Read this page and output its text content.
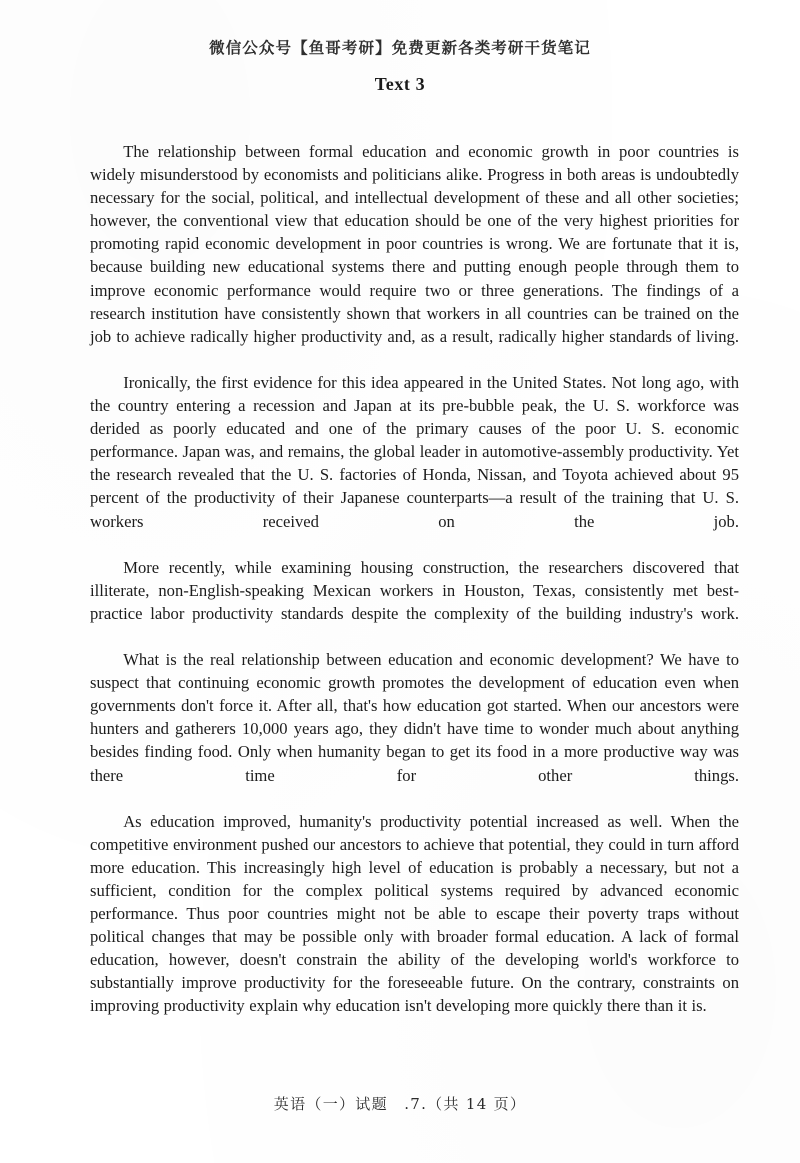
微信公众号【鱼哥考研】免费更新各类考研干货笔记
Text 3

The relationship between formal education and economic growth in poor countries is widely misunderstood by economists and politicians alike. Progress in both areas is undoubtedly necessary for the social, political, and intellectual development of these and all other societies; however, the conventional view that education should be one of the very highest priorities for promoting rapid economic development in poor countries is wrong. We are fortunate that it is, because building new educational systems there and putting enough people through them to improve economic performance would require two or three generations. The findings of a research institution have consistently shown that workers in all countries can be trained on the job to achieve radically higher productivity and, as a result, radically higher standards of living.

Ironically, the first evidence for this idea appeared in the United States. Not long ago, with the country entering a recession and Japan at its pre-bubble peak, the U. S. workforce was derided as poorly educated and one of the primary causes of the poor U. S. economic performance. Japan was, and remains, the global leader in automotive-assembly productivity. Yet the research revealed that the U. S. factories of Honda, Nissan, and Toyota achieved about 95 percent of the productivity of their Japanese counterparts—a result of the training that U. S. workers received on the job.

More recently, while examining housing construction, the researchers discovered that illiterate, non-English-speaking Mexican workers in Houston, Texas, consistently met best-practice labor productivity standards despite the complexity of the building industry's work.

What is the real relationship between education and economic development? We have to suspect that continuing economic growth promotes the development of education even when governments don't force it. After all, that's how education got started. When our ancestors were hunters and gatherers 10,000 years ago, they didn't have time to wonder much about anything besides finding food. Only when humanity began to get its food in a more productive way was there time for other things.

As education improved, humanity's productivity potential increased as well. When the competitive environment pushed our ancestors to achieve that potential, they could in turn afford more education. This increasingly high level of education is probably a necessary, but not a sufficient, condition for the complex political systems required by advanced economic performance. Thus poor countries might not be able to escape their poverty traps without political changes that may be possible only with broader formal education. A lack of formal education, however, doesn't constrain the ability of the developing world's workforce to substantially improve productivity for the foreseeable future. On the contrary, constraints on improving productivity explain why education isn't developing more quickly there than it is.

英语（一）试题　.7.（共 14 页）
